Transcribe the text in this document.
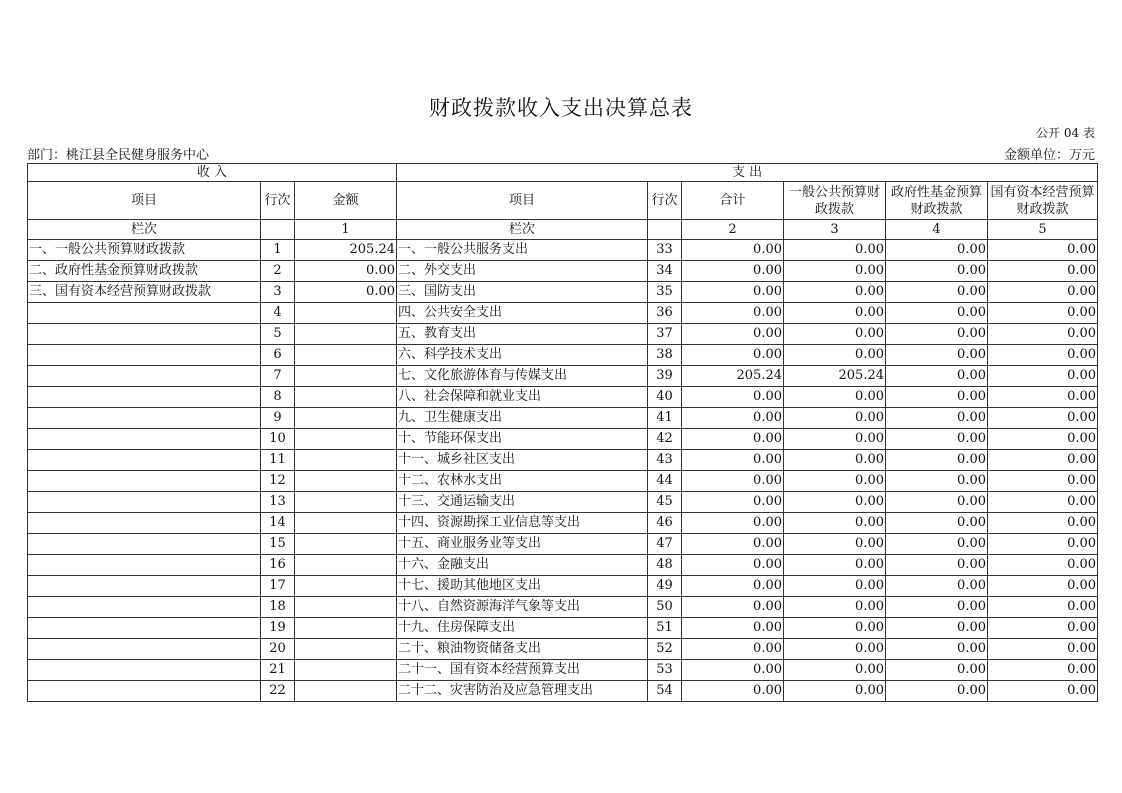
财政拨款收入支出决算总表
公开 04 表
部门：桃江县全民健身服务中心	金额单位：万元
收 入			支 出					
项目	行次	金额	项目	行次	合计	一般公共预算财政拨款	政府性基金预算财政拨款	国有资本经营预算财政拨款
栏次		1	栏次		2	3	4	5
一、一般公共预算财政拨款	1	205.24	一、一般公共服务支出	33	0.00	0.00	0.00	0.00
二、政府性基金预算财政拨款	2	0.00	二、外交支出	34	0.00	0.00	0.00	0.00
三、国有资本经营预算财政拨款	3	0.00	三、国防支出	35	0.00	0.00	0.00	0.00
	4		四、公共安全支出	36	0.00	0.00	0.00	0.00
	5		五、教育支出	37	0.00	0.00	0.00	0.00
	6		六、科学技术支出	38	0.00	0.00	0.00	0.00
	7		七、文化旅游体育与传媒支出	39	205.24	205.24	0.00	0.00
	8		八、社会保障和就业支出	40	0.00	0.00	0.00	0.00
	9		九、卫生健康支出	41	0.00	0.00	0.00	0.00
	10		十、节能环保支出	42	0.00	0.00	0.00	0.00
	11		十一、城乡社区支出	43	0.00	0.00	0.00	0.00
	12		十二、农林水支出	44	0.00	0.00	0.00	0.00
	13		十三、交通运输支出	45	0.00	0.00	0.00	0.00
	14		十四、资源勘探工业信息等支出	46	0.00	0.00	0.00	0.00
	15		十五、商业服务业等支出	47	0.00	0.00	0.00	0.00
	16		十六、金融支出	48	0.00	0.00	0.00	0.00
	17		十七、援助其他地区支出	49	0.00	0.00	0.00	0.00
	18		十八、自然资源海洋气象等支出	50	0.00	0.00	0.00	0.00
	19		十九、住房保障支出	51	0.00	0.00	0.00	0.00
	20		二十、粮油物资储备支出	52	0.00	0.00	0.00	0.00
	21		二十一、国有资本经营预算支出	53	0.00	0.00	0.00	0.00
	22		二十二、灾害防治及应急管理支出	54	0.00	0.00	0.00	0.00
